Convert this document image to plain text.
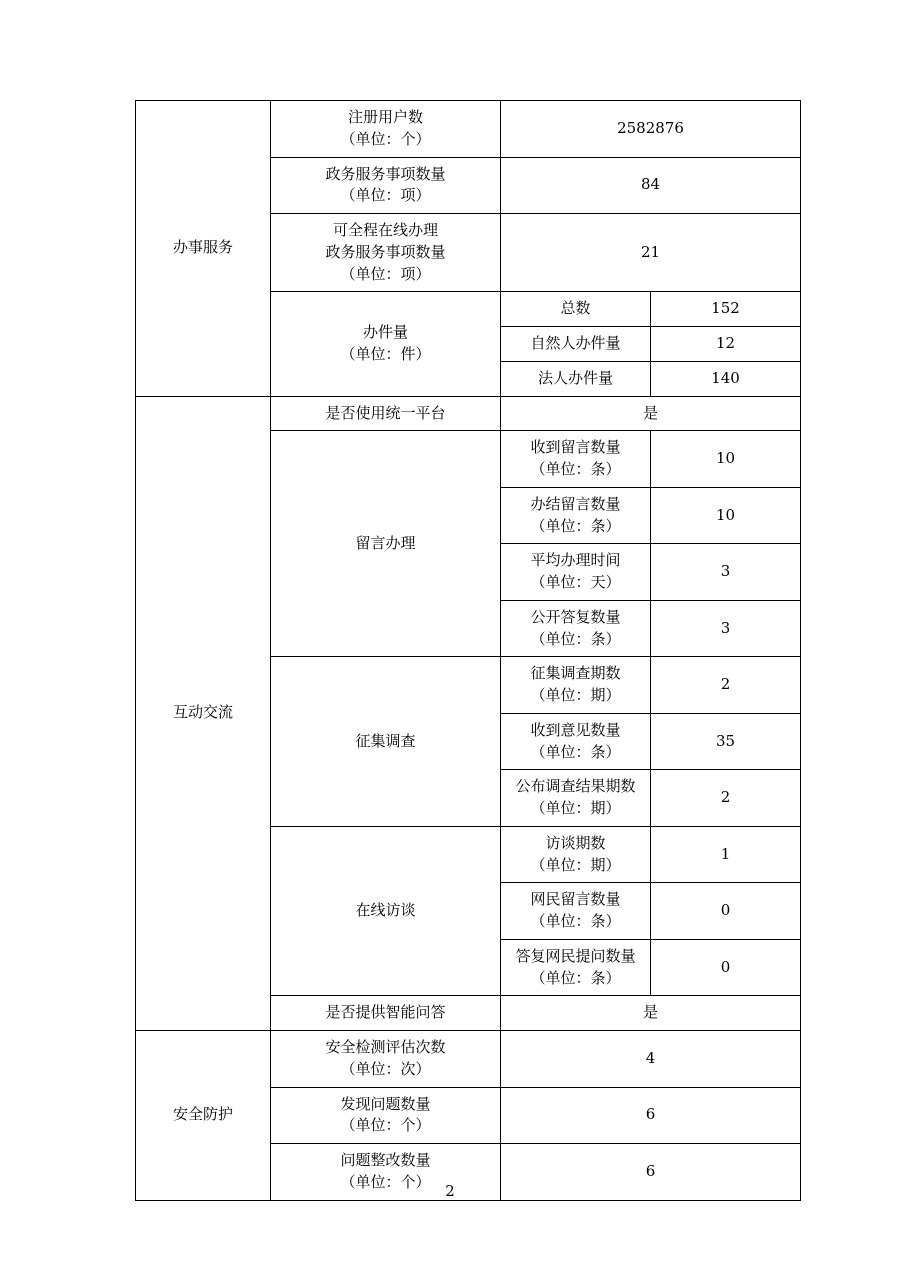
办事服务	注册用户数
（单位：个）	2582876	

	政务服务事项数量
（单位：项）	84	

	可全程在线办理
政务服务事项数量
（单位：项）	21	

	办件量
（单位：件）	总数	152

		自然人办件量	12

		法人办件量	140

互动交流	是否使用统一平台	是	

	留言办理	收到留言数量
（单位：条）	10

		办结留言数量
（单位：条）	10

		平均办理时间
（单位：天）	3

		公开答复数量
（单位：条）	3

	征集调查	征集调查期数
（单位：期）	2

		收到意见数量
（单位：条）	35

		公布调查结果期数
（单位：期）	2

	在线访谈	访谈期数
（单位：期）	1

		网民留言数量
（单位：条）	0

		答复网民提问数量
（单位：条）	0

	是否提供智能问答	是	

安全防护	安全检测评估次数
（单位：次）	4	

	发现问题数量
（单位：个）	6	

	问题整改数量
（单位：个）	6	
2
